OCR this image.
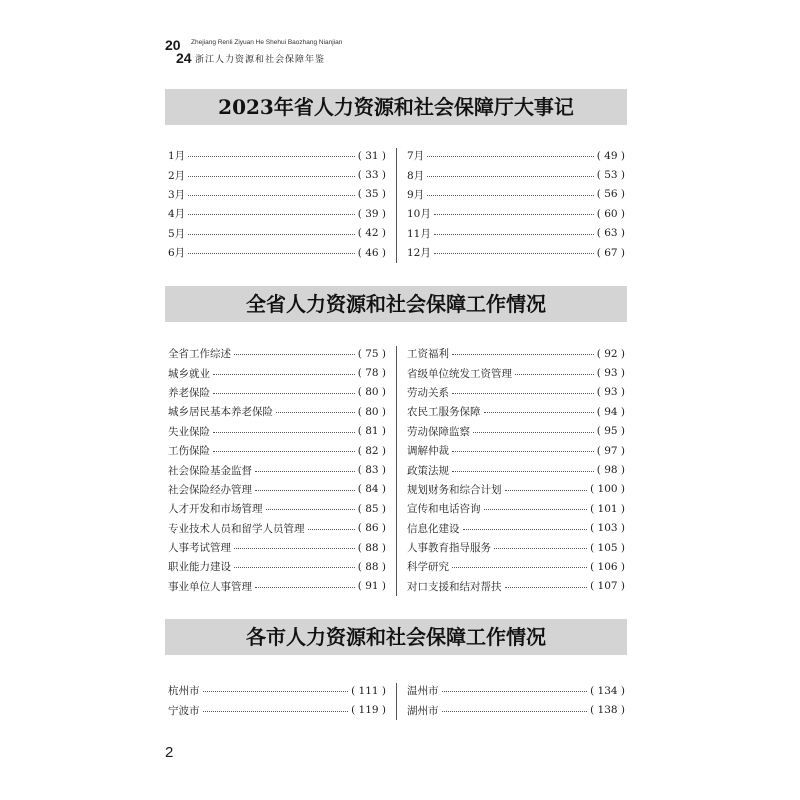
20
24
Zhejiang Renli Ziyuan He Shehui Baozhang Nianjian
浙江人力资源和社会保障年鉴
2023年省人力资源和社会保障厅大事记
1月	( 31 )
2月	( 33 )
3月	( 35 )
4月	( 39 )
5月	( 42 )
6月	( 46 )
7月	( 49 )
8月	( 53 )
9月	( 56 )
10月	( 60 )
11月	( 63 )
12月	( 67 )
全省人力资源和社会保障工作情况
全省工作综述	( 75 )
城乡就业	( 78 )
养老保险	( 80 )
城乡居民基本养老保险	( 80 )
失业保险	( 81 )
工伤保险	( 82 )
社会保险基金监督	( 83 )
社会保险经办管理	( 84 )
人才开发和市场管理	( 85 )
专业技术人员和留学人员管理	( 86 )
人事考试管理	( 88 )
职业能力建设	( 88 )
事业单位人事管理	( 91 )
工资福利	( 92 )
省级单位统发工资管理	( 93 )
劳动关系	( 93 )
农民工服务保障	( 94 )
劳动保障监察	( 95 )
调解仲裁	( 97 )
政策法规	( 98 )
规划财务和综合计划	( 100 )
宣传和电话咨询	( 101 )
信息化建设	( 103 )
人事教育指导服务	( 105 )
科学研究	( 106 )
对口支援和结对帮扶	( 107 )
各市人力资源和社会保障工作情况
杭州市	( 111 )
宁波市	( 119 )
温州市	( 134 )
湖州市	( 138 )
2
